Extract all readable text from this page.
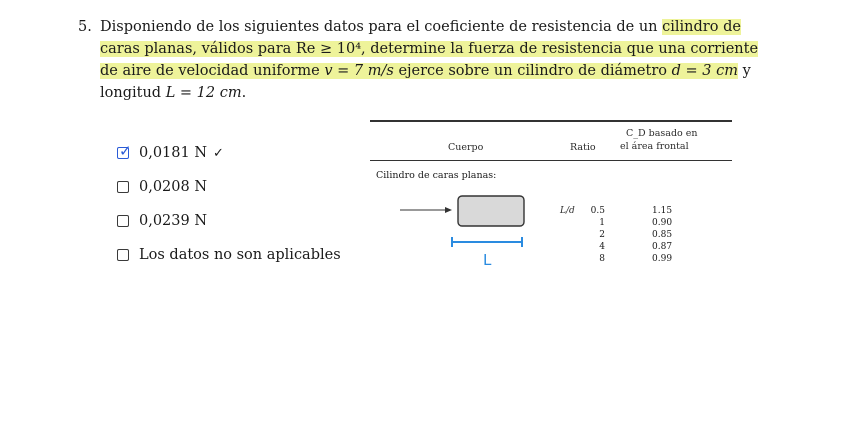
5. Disponiendo de los siguientes datos para el coeficiente de resistencia de un cilindro de caras planas, válidos para Re ≥ 10⁴, determine la fuerza de resistencia que una corriente de aire de velocidad uniforme v = 7 m/s ejerce sobre un cilindro de diámetro d = 3 cm y longitud L = 12 cm.
✓ 0,0181 N ✓
0,0208 N
0,0239 N
Los datos no son aplicables
Cuerpo	Ratio
C_D basado en
el área frontal
Cilindro de caras planas:
L
L/d	0.5
1
2
4
8
1.15
0.90
0.85
0.87
0.99
